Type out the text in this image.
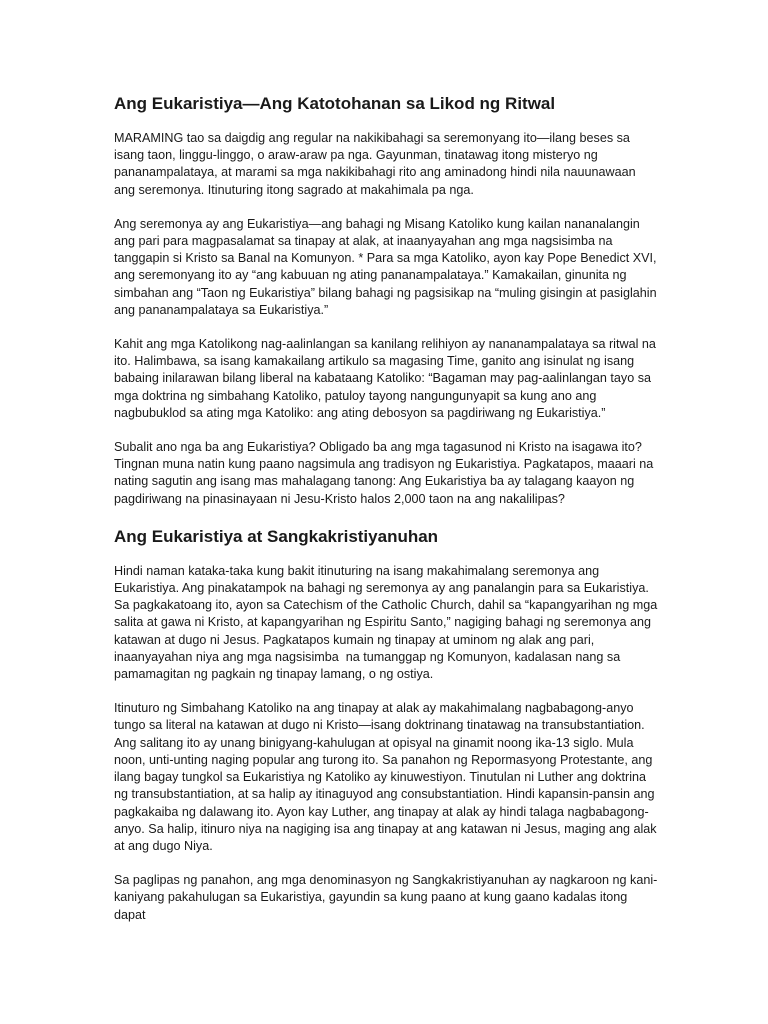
Ang Eukaristiya—Ang Katotohanan sa Likod ng Ritwal

MARAMING tao sa daigdig ang regular na nakikibahagi sa seremonyang ito—ilang beses sa isang taon, linggu-linggo, o araw-araw pa nga. Gayunman, tinatawag itong misteryo ng pananampalataya, at marami sa mga nakikibahagi rito ang aminadong hindi nila nauunawaan ang seremonya. Itinuturing itong sagrado at makahimala pa nga.

Ang seremonya ay ang Eukaristiya—ang bahagi ng Misang Katoliko kung kailan nananalangin ang pari para magpasalamat sa tinapay at alak, at inaanyayahan ang mga nagsisimba na tanggapin si Kristo sa Banal na Komunyon. * Para sa mga Katoliko, ayon kay Pope Benedict XVI, ang seremonyang ito ay “ang kabuuan ng ating pananampalataya.” Kamakailan, ginunita ng simbahan ang “Taon ng Eukaristiya” bilang bahagi ng pagsisikap na “muling gisingin at pasiglahin ang pananampalataya sa Eukaristiya.”

Kahit ang mga Katolikong nag-aalinlangan sa kanilang relihiyon ay nananampalataya sa ritwal na ito. Halimbawa, sa isang kamakailang artikulo sa magasing Time, ganito ang isinulat ng isang babaing inilarawan bilang liberal na kabataang Katoliko: “Bagaman may pag-aalinlangan tayo sa mga doktrina ng simbahang Katoliko, patuloy tayong nangungunyapit sa kung ano ang nagbubuklod sa ating mga Katoliko: ang ating debosyon sa pagdiriwang ng Eukaristiya.”

Subalit ano nga ba ang Eukaristiya? Obligado ba ang mga tagasunod ni Kristo na isagawa ito? Tingnan muna natin kung paano nagsimula ang tradisyon ng Eukaristiya. Pagkatapos, maaari na nating sagutin ang isang mas mahalagang tanong: Ang Eukaristiya ba ay talagang kaayon ng pagdiriwang na pinasinayaan ni Jesu-Kristo halos 2,000 taon na ang nakalilipas?

Ang Eukaristiya at Sangkakristiyanuhan

Hindi naman kataka-taka kung bakit itinuturing na isang makahimalang seremonya ang Eukaristiya. Ang pinakatampok na bahagi ng seremonya ay ang panalangin para sa Eukaristiya. Sa pagkakatoang ito, ayon sa Catechism of the Catholic Church, dahil sa “kapangyarihan ng mga salita at gawa ni Kristo, at kapangyarihan ng Espiritu Santo,” nagiging bahagi ng seremonya ang katawan at dugo ni Jesus. Pagkatapos kumain ng tinapay at uminom ng alak ang pari, inaanyayahan niya ang mga nagsisimba  na tumanggap ng Komunyon, kadalasan nang sa pamamagitan ng pagkain ng tinapay lamang, o ng ostiya.

Itinuturo ng Simbahang Katoliko na ang tinapay at alak ay makahimalang nagbabagong-anyo tungo sa literal na katawan at dugo ni Kristo—isang doktrinang tinatawag na transubstantiation. Ang salitang ito ay unang binigyang-kahulugan at opisyal na ginamit noong ika-13 siglo. Mula noon, unti-unting naging popular ang turong ito. Sa panahon ng Repormasyong Protestante, ang ilang bagay tungkol sa Eukaristiya ng Katoliko ay kinuwestiyon. Tinutulan ni Luther ang doktrina ng transubstantiation, at sa halip ay itinaguyod ang consubstantiation. Hindi kapansin-pansin ang pagkakaiba ng dalawang ito. Ayon kay Luther, ang tinapay at alak ay hindi talaga nagbabagong-anyo. Sa halip, itinuro niya na nagiging isa ang tinapay at ang katawan ni Jesus, maging ang alak at ang dugo Niya.

Sa paglipas ng panahon, ang mga denominasyon ng Sangkakristiyanuhan ay nagkaroon ng kani-kaniyang pakahulugan sa Eukaristiya, gayundin sa kung paano at kung gaano kadalas itong dapat
